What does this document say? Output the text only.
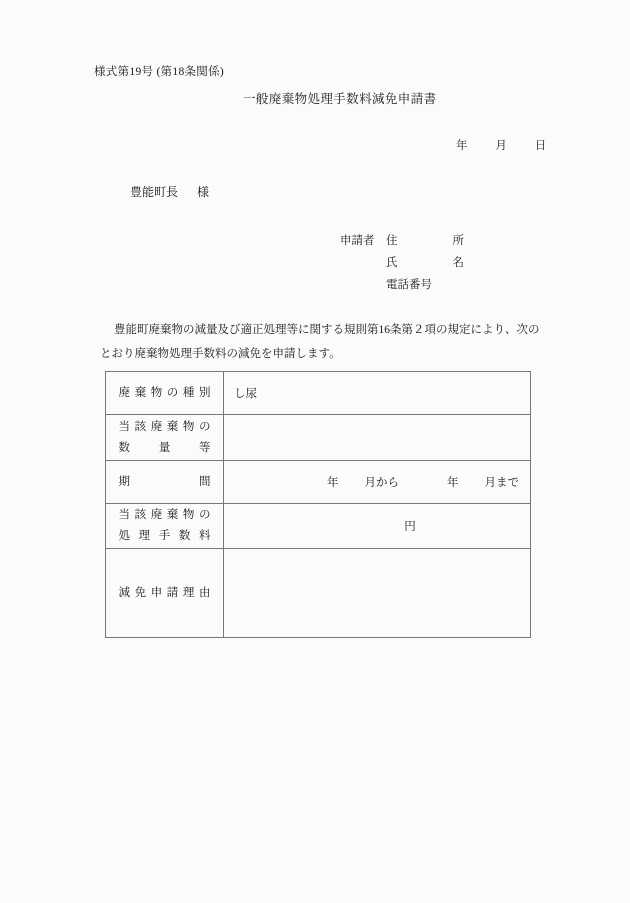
様式第19号 (第18条関係)
一般廃棄物処理手数料減免申請書
年 月 日
豊能町長 様
申請者 住　所
氏　名
電話番号
豊能町廃棄物の減量及び適正処理等に関する規則第16条第２項の規定により、次のとおり廃棄物処理手数料の減免を申請します。
廃棄物の種別	し尿

当該廃棄物の
数　量　等	

期　間	年 月から 年 月まで

当該廃棄物の
処理手数料	円

減免申請理由	
